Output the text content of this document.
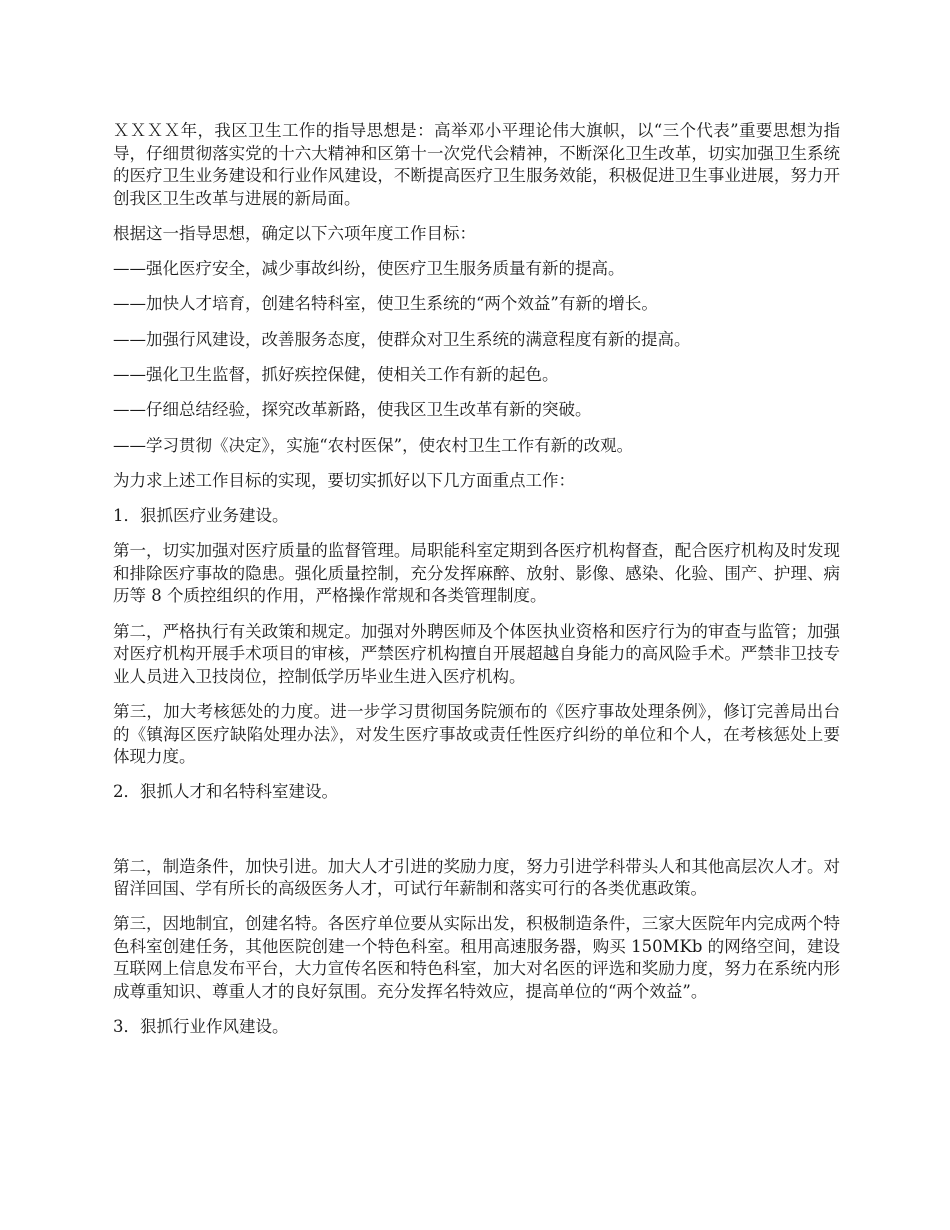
ＸＸＸＸ年，我区卫生工作的指导思想是：高举邓小平理论伟大旗帜，以“三个代表”重要思想为指导，仔细贯彻落实党的十六大精神和区第十一次党代会精神，不断深化卫生改革，切实加强卫生系统的医疗卫生业务建设和行业作风建设，不断提高医疗卫生服务效能，积极促进卫生事业进展，努力开创我区卫生改革与进展的新局面。

根据这一指导思想，确定以下六项年度工作目标：

——强化医疗安全，减少事故纠纷，使医疗卫生服务质量有新的提高。

——加快人才培育，创建名特科室，使卫生系统的“两个效益”有新的增长。

——加强行风建设，改善服务态度，使群众对卫生系统的满意程度有新的提高。

——强化卫生监督，抓好疾控保健，使相关工作有新的起色。

——仔细总结经验，探究改革新路，使我区卫生改革有新的突破。

——学习贯彻《决定》，实施“农村医保”，使农村卫生工作有新的改观。

为力求上述工作目标的实现，要切实抓好以下几方面重点工作：

1．狠抓医疗业务建设。

第一，切实加强对医疗质量的监督管理。局职能科室定期到各医疗机构督查，配合医疗机构及时发现和排除医疗事故的隐患。强化质量控制，充分发挥麻醉、放射、影像、感染、化验、围产、护理、病历等 8 个质控组织的作用，严格操作常规和各类管理制度。

第二，严格执行有关政策和规定。加强对外聘医师及个体医执业资格和医疗行为的审查与监管；加强对医疗机构开展手术项目的审核，严禁医疗机构擅自开展超越自身能力的高风险手术。严禁非卫技专业人员进入卫技岗位，控制低学历毕业生进入医疗机构。

第三，加大考核惩处的力度。进一步学习贯彻国务院颁布的《医疗事故处理条例》，修订完善局出台的《镇海区医疗缺陷处理办法》，对发生医疗事故或责任性医疗纠纷的单位和个人，在考核惩处上要体现力度。

2．狠抓人才和名特科室建设。

第二，制造条件，加快引进。加大人才引进的奖励力度，努力引进学科带头人和其他高层次人才。对留洋回国、学有所长的高级医务人才，可试行年薪制和落实可行的各类优惠政策。

第三，因地制宜，创建名特。各医疗单位要从实际出发，积极制造条件，三家大医院年内完成两个特色科室创建任务，其他医院创建一个特色科室。租用高速服务器，购买 150MKb 的网络空间，建设互联网上信息发布平台，大力宣传名医和特色科室，加大对名医的评选和奖励力度，努力在系统内形成尊重知识、尊重人才的良好氛围。充分发挥名特效应，提高单位的“两个效益”。

3．狠抓行业作风建设。
